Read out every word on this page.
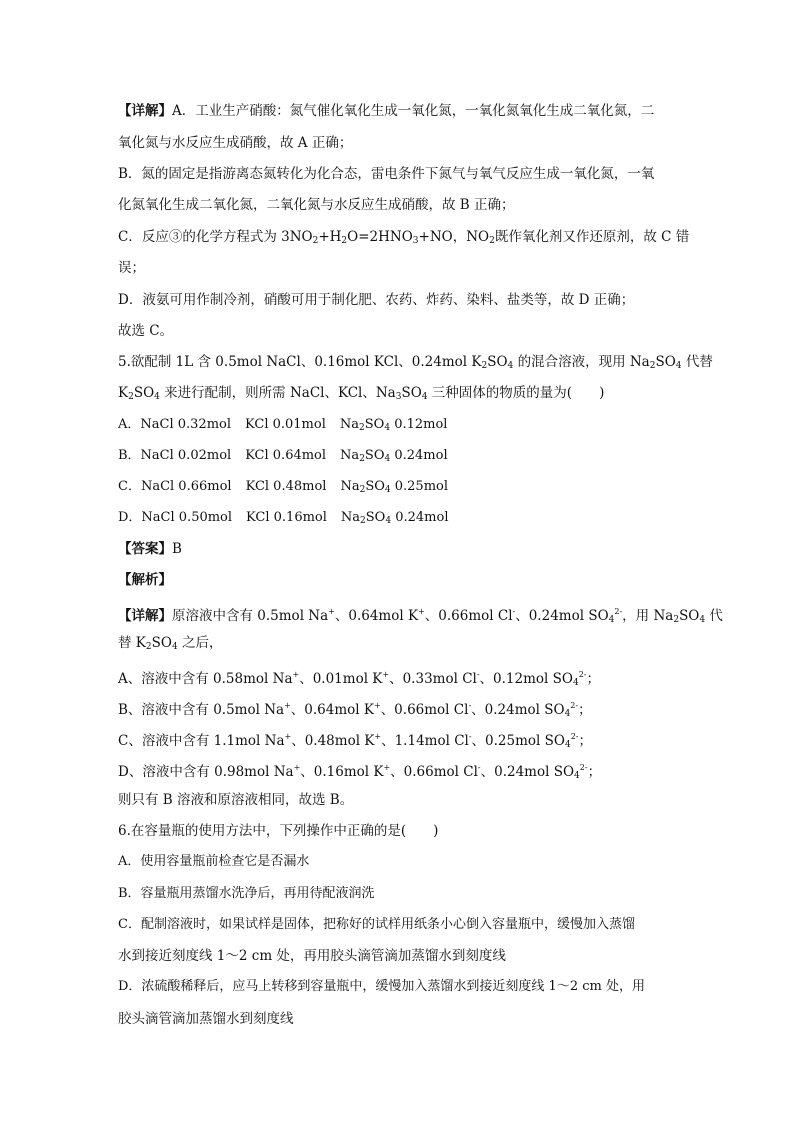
【详解】A．工业生产硝酸：氮气催化氧化生成一氧化氮，一氧化氮氧化生成二氧化氮，二
氧化氮与水反应生成硝酸，故 A 正确；
B．氮的固定是指游离态氮转化为化合态，雷电条件下氮气与氧气反应生成一氧化氮，一氧
化氮氧化生成二氧化氮，二氧化氮与水反应生成硝酸，故 B 正确；
C．反应③的化学方程式为 $3NO_2+H_2O=2HNO_3+NO$，$NO_2$既作氧化剂又作还原剂，故 C 错
误；
D．液氨可用作制冷剂，硝酸可用于制化肥、农药、炸药、染料、盐类等，故 D 正确；
故选 C。
5.欲配制 1L 含 0.5mol NaCl、0.16mol KCl、0.24mol $K_2SO_4$ 的混合溶液，现用 $Na_2SO_4$ 代替
$K_2SO_4$ 来进行配制，则所需 NaCl、KCl、$Na_3SO_4$ 三种固体的物质的量为(　　)
A．NaCl 0.32mol KCl 0.01mol $Na_2SO_4$ 0.12mol
B．NaCl 0.02mol KCl 0.64mol $Na_2SO_4$ 0.24mol
C．NaCl 0.66mol KCl 0.48mol $Na_2SO_4$ 0.25mol
D．NaCl 0.50mol KCl 0.16mol $Na_2SO_4$ 0.24mol
【答案】B
【解析】
【详解】原溶液中含有 0.5mol Na+、0.64mol K+、0.66mol Cl-、0.24mol $SO_4^{2-}$，用 $Na_2SO_4$ 代
替 $K_2SO_4$ 之后，
A、溶液中含有 0.58mol Na+、0.01mol K+、0.33mol Cl-、0.12mol $SO_4^{2-}$；
B、溶液中含有 0.5mol Na+、0.64mol K+、0.66mol Cl-、0.24mol $SO_4^{2-}$；
C、溶液中含有 1.1mol Na+、0.48mol K+、1.14mol Cl-、0.25mol $SO_4^{2-}$；
D、溶液中含有 0.98mol Na+、0.16mol K+、0.66mol Cl-、0.24mol $SO_4^{2-}$；
则只有 B 溶液和原溶液相同，故选 B。
6.在容量瓶的使用方法中，下列操作中正确的是(　　)
A．使用容量瓶前检查它是否漏水
B．容量瓶用蒸馏水洗净后，再用待配液润洗
C．配制溶液时，如果试样是固体，把称好的试样用纸条小心倒入容量瓶中，缓慢加入蒸馏
水到接近刻度线 1～2 cm 处，再用胶头滴管滴加蒸馏水到刻度线
D．浓硫酸稀释后，应马上转移到容量瓶中，缓慢加入蒸馏水到接近刻度线 1～2 cm 处，用
胶头滴管滴加蒸馏水到刻度线
